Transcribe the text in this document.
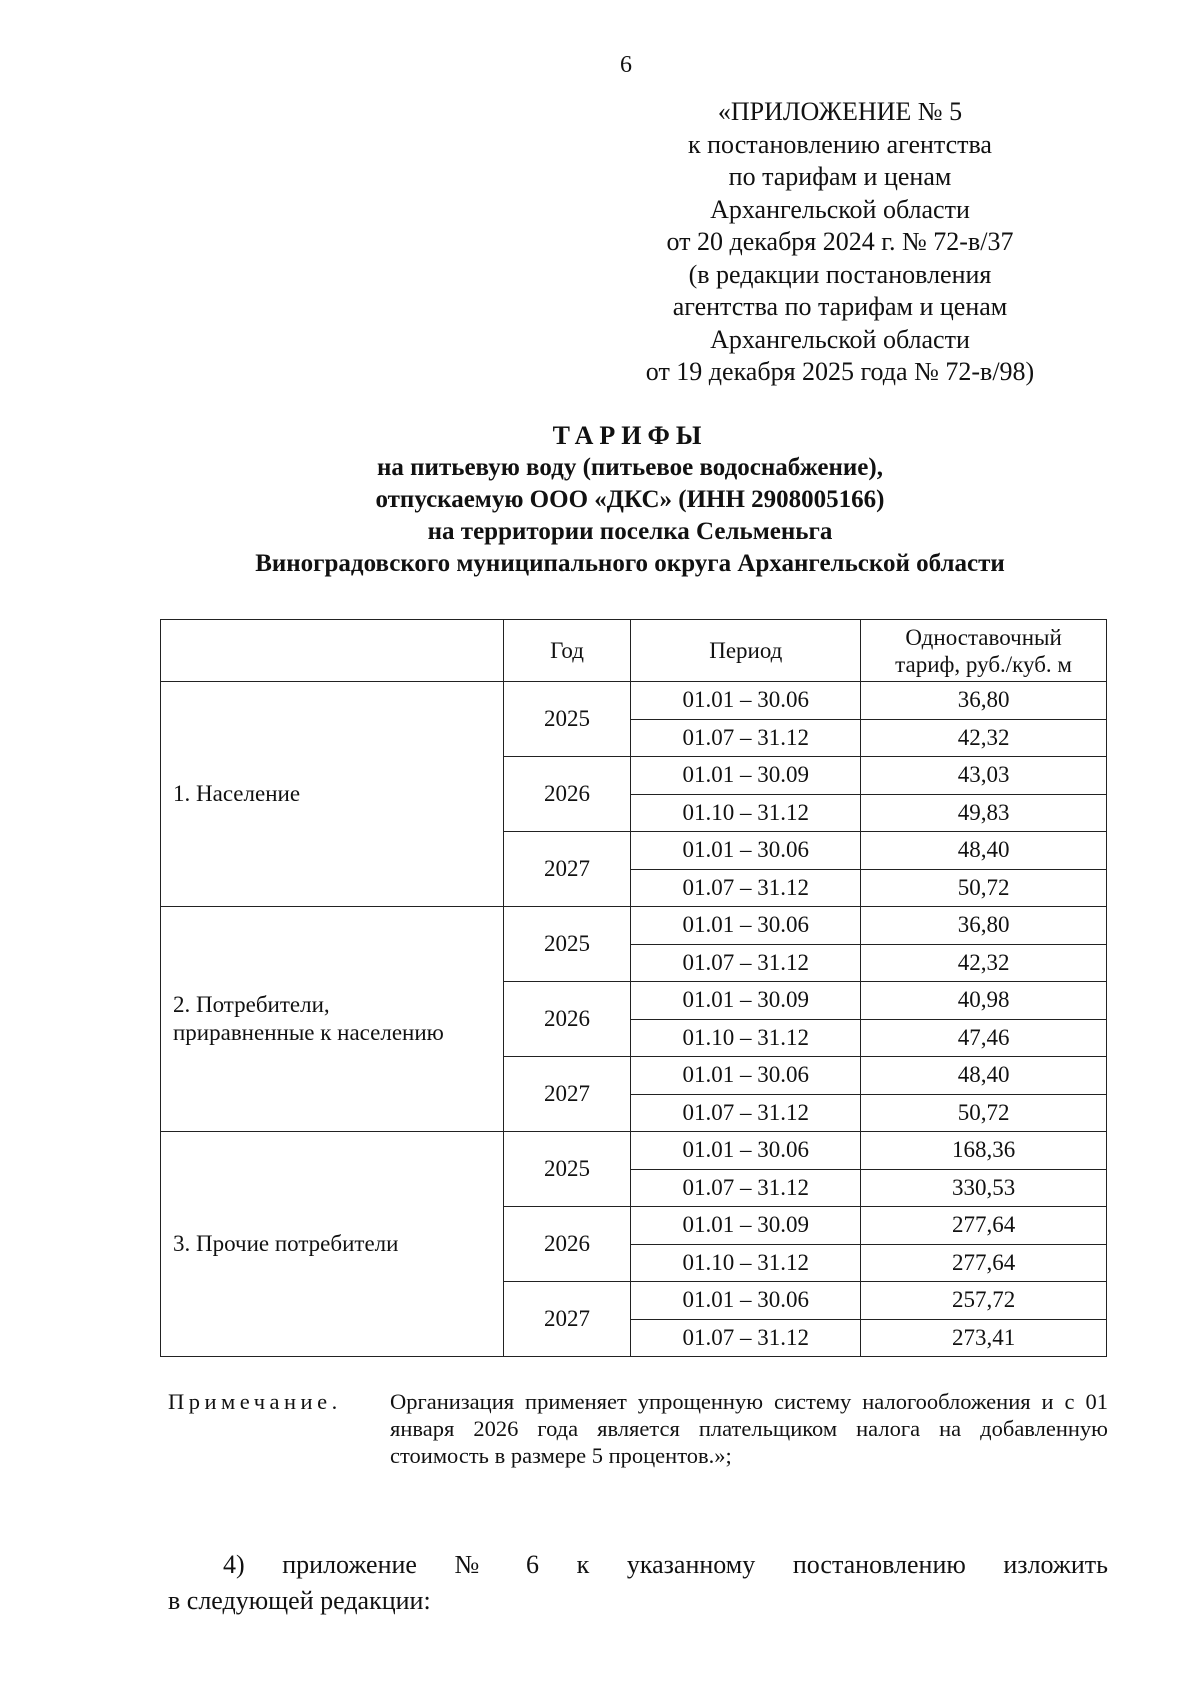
6
«ПРИЛОЖЕНИЕ № 5
к постановлению агентства
по тарифам и ценам
Архангельской области
от 20 декабря 2024 г. № 72-в/37
(в редакции постановления
агентства по тарифам и ценам
Архангельской области
от 19 декабря 2025 года № 72-в/98)
ТАРИФЫ
на питьевую воду (питьевое водоснабжение),
отпускаемую ООО «ДКС» (ИНН 2908005166)
на территории поселка Сельменьга
Виноградовского муниципального округа Архангельской области
	Год	Период	Одноставочный
тариф, руб./куб. м

1. Население	2025	01.01 – 30.06	36,80
		01.07 – 31.12	42,32
	2026	01.01 – 30.09	43,03
		01.10 – 31.12	49,83
	2027	01.01 – 30.06	48,40
		01.07 – 31.12	50,72

2. Потребители,
приравненные к населению	2025	01.01 – 30.06	36,80
		01.07 – 31.12	42,32
	2026	01.01 – 30.09	40,98
		01.10 – 31.12	47,46
	2027	01.01 – 30.06	48,40
		01.07 – 31.12	50,72

3. Прочие потребители	2025	01.01 – 30.06	168,36
		01.07 – 31.12	330,53
	2026	01.01 – 30.09	277,64
		01.10 – 31.12	277,64
	2027	01.01 – 30.06	257,72
		01.07 – 31.12	273,41
Примечание. Организация применяет упрощенную систему налогообложения и с 01 января 2026 года является плательщиком налога на добавленную стоимость в размере 5 процентов.»;
4) приложение № 6 к указанному постановлению изложить
в следующей редакции:
